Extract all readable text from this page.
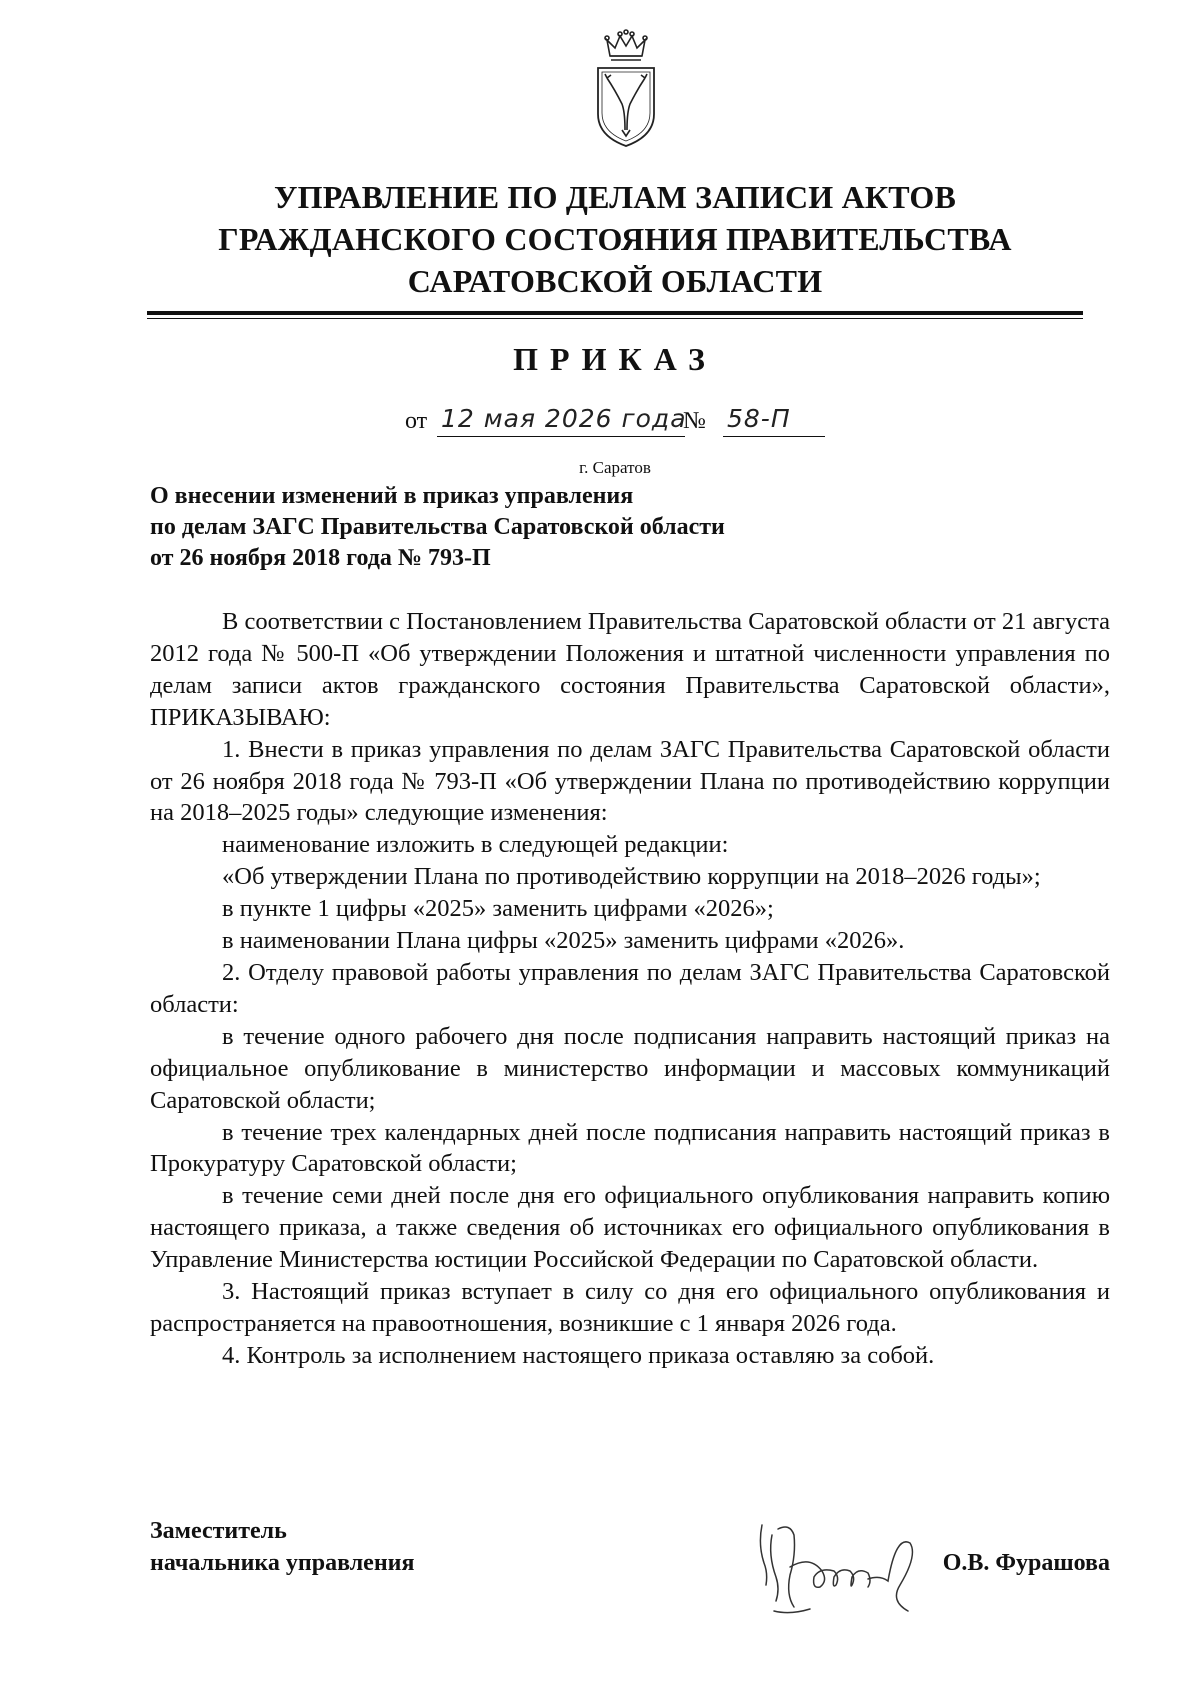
УПРАВЛЕНИЕ ПО ДЕЛАМ ЗАПИСИ АКТОВ
ГРАЖДАНСКОГО СОСТОЯНИЯ ПРАВИТЕЛЬСТВА
САРАТОВСКОЙ ОБЛАСТИ
ПРИКАЗ
от 12 мая 2026 года
№ 58-П
г. Саратов
О внесении изменений в приказ управления
по делам ЗАГС Правительства Саратовской области
от 26 ноября 2018 года № 793-П

В соответствии с Постановлением Правительства Саратовской области от 21 августа 2012 года № 500-П «Об утверждении Положения и штатной численности управления по делам записи актов гражданского состояния Правительства Саратовской области», ПРИКАЗЫВАЮ:

1. Внести в приказ управления по делам ЗАГС Правительства Саратовской области от 26 ноября 2018 года № 793-П «Об утверждении Плана по противодействию коррупции на 2018–2025 годы» следующие изменения:

наименование изложить в следующей редакции:

«Об утверждении Плана по противодействию коррупции на 2018–2026 годы»;

в пункте 1 цифры «2025» заменить цифрами «2026»;

в наименовании Плана цифры «2025» заменить цифрами «2026».

2. Отделу правовой работы управления по делам ЗАГС Правительства Саратовской области:

в течение одного рабочего дня после подписания направить настоящий приказ на официальное опубликование в министерство информации и массовых коммуникаций Саратовской области;

в течение трех календарных дней после подписания направить настоящий приказ в Прокуратуру Саратовской области;

в течение семи дней после дня его официального опубликования направить копию настоящего приказа, а также сведения об источниках его официального опубликования в Управление Министерства юстиции Российской Федерации по Саратовской области.

3. Настоящий приказ вступает в силу со дня его официального опубликования и распространяется на правоотношения, возникшие с 1 января 2026 года.

4. Контроль за исполнением настоящего приказа оставляю за собой.

Заместитель
начальника управления	О.В. Фурашова
